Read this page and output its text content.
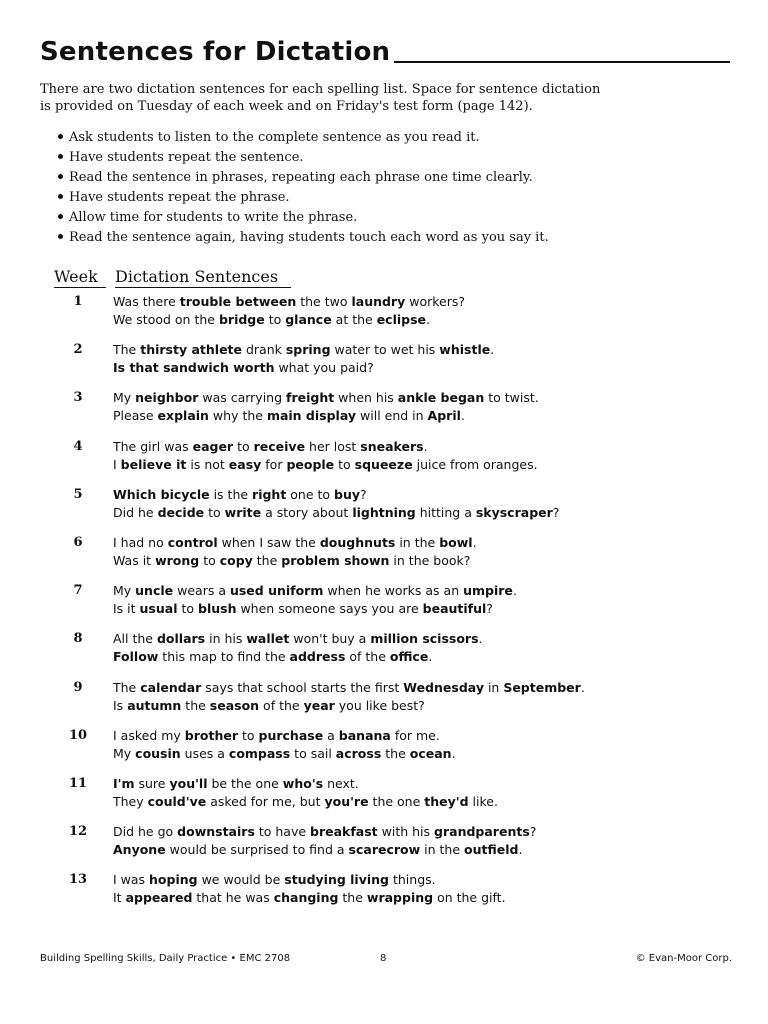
Sentences for Dictation
There are two dictation sentences for each spelling list. Space for sentence dictation
is provided on Tuesday of each week and on Friday's test form (page 142).
Ask students to listen to the complete sentence as you read it.
Have students repeat the sentence.
Read the sentence in phrases, repeating each phrase one time clearly.
Have students repeat the phrase.
Allow time for students to write the phrase.
Read the sentence again, having students touch each word as you say it.
Week	Dictation Sentences
1	Was there trouble between the two laundry workers?
We stood on the bridge to glance at the eclipse.
2	The thirsty athlete drank spring water to wet his whistle.
Is that sandwich worth what you paid?
3	My neighbor was carrying freight when his ankle began to twist.
Please explain why the main display will end in April.
4	The girl was eager to receive her lost sneakers.
I believe it is not easy for people to squeeze juice from oranges.
5	Which bicycle is the right one to buy?
Did he decide to write a story about lightning hitting a skyscraper?
6	I had no control when I saw the doughnuts in the bowl.
Was it wrong to copy the problem shown in the book?
7	My uncle wears a used uniform when he works as an umpire.
Is it usual to blush when someone says you are beautiful?
8	All the dollars in his wallet won't buy a million scissors.
Follow this map to find the address of the office.
9	The calendar says that school starts the first Wednesday in September.
Is autumn the season of the year you like best?
10	I asked my brother to purchase a banana for me.
My cousin uses a compass to sail across the ocean.
11	I'm sure you'll be the one who's next.
They could've asked for me, but you're the one they'd like.
12	Did he go downstairs to have breakfast with his grandparents?
Anyone would be surprised to find a scarecrow in the outfield.
13	I was hoping we would be studying living things.
It appeared that he was changing the wrapping on the gift.
Building Spelling Skills, Daily Practice • EMC 2708	8	© Evan-Moor Corp.
